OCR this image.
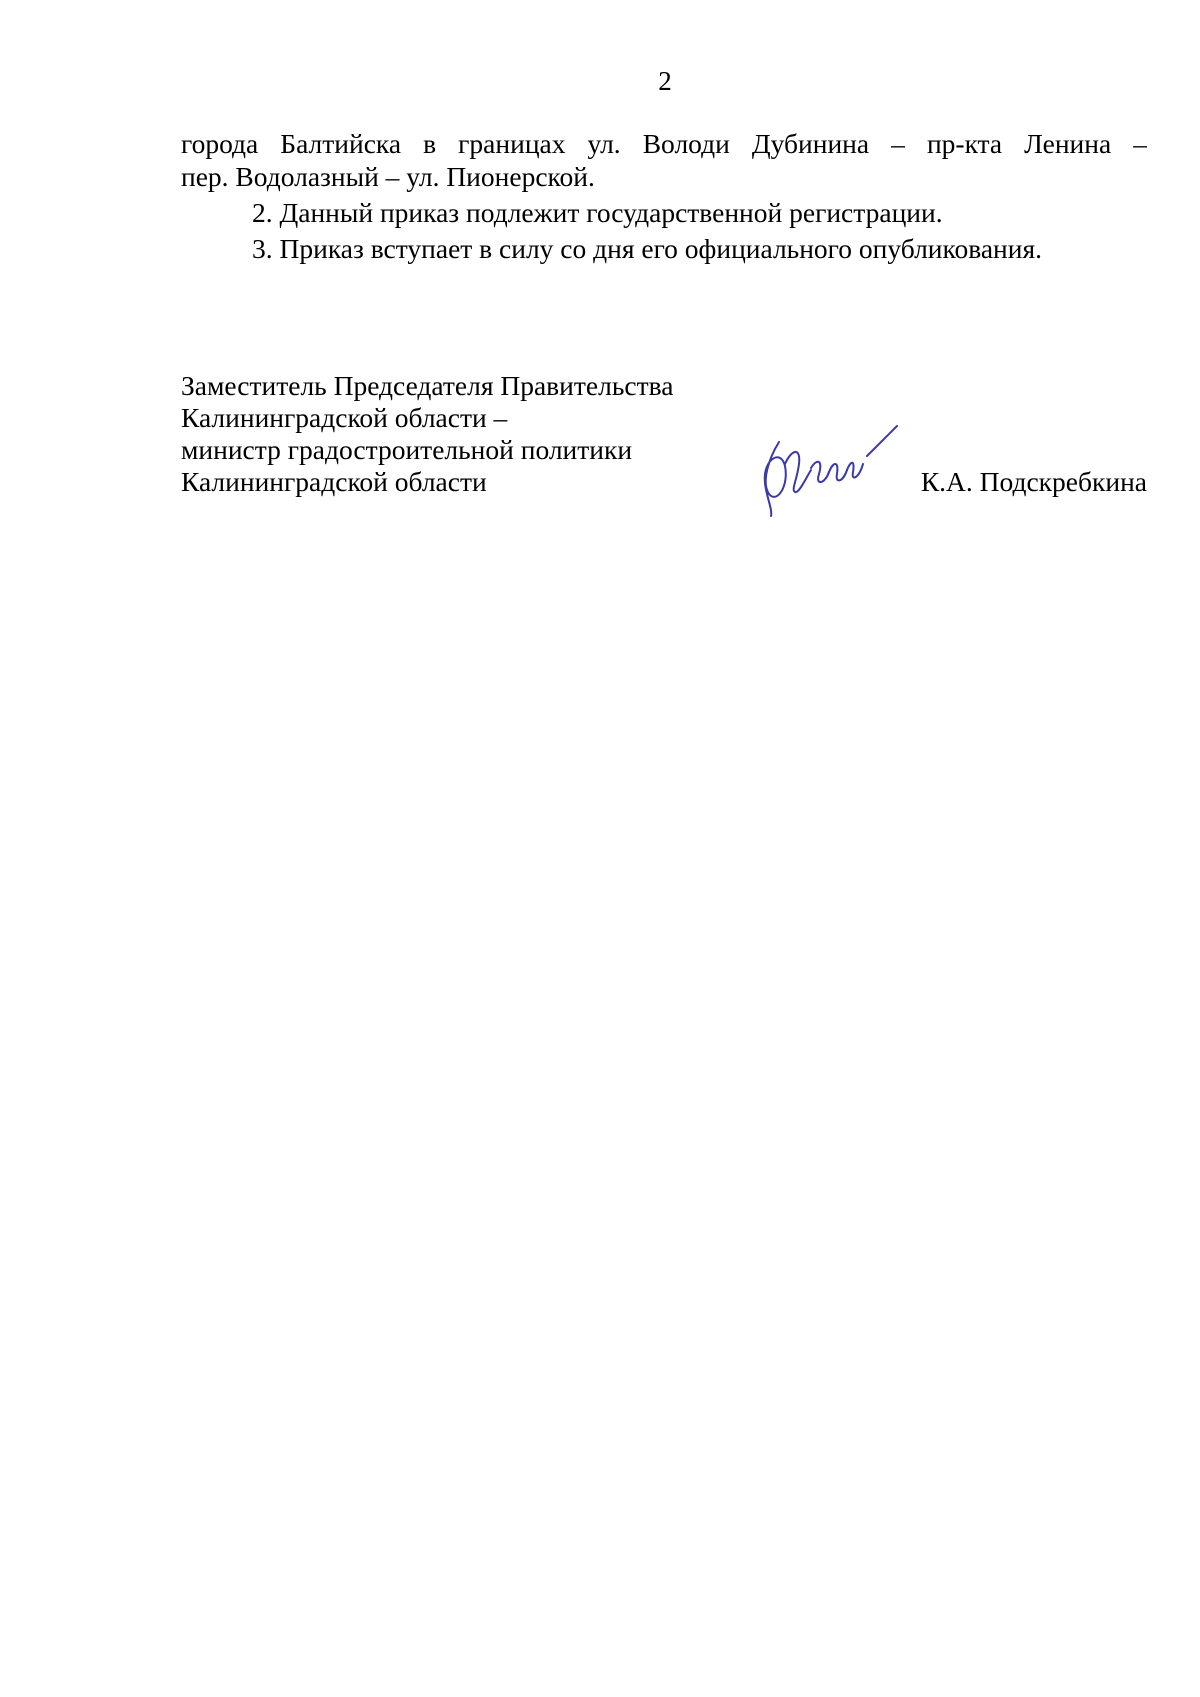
2

города Балтийска в границах ул. Володи Дубинина – пр-кта Ленина –

пер. Водолазный – ул. Пионерской.

2. Данный приказ подлежит государственной регистрации.

3. Приказ вступает в силу со дня его официального опубликования.

Заместитель Председателя Правительства
Калининградской области –
министр градостроительной политики
Калининградской области	К.А. Подскребкина
